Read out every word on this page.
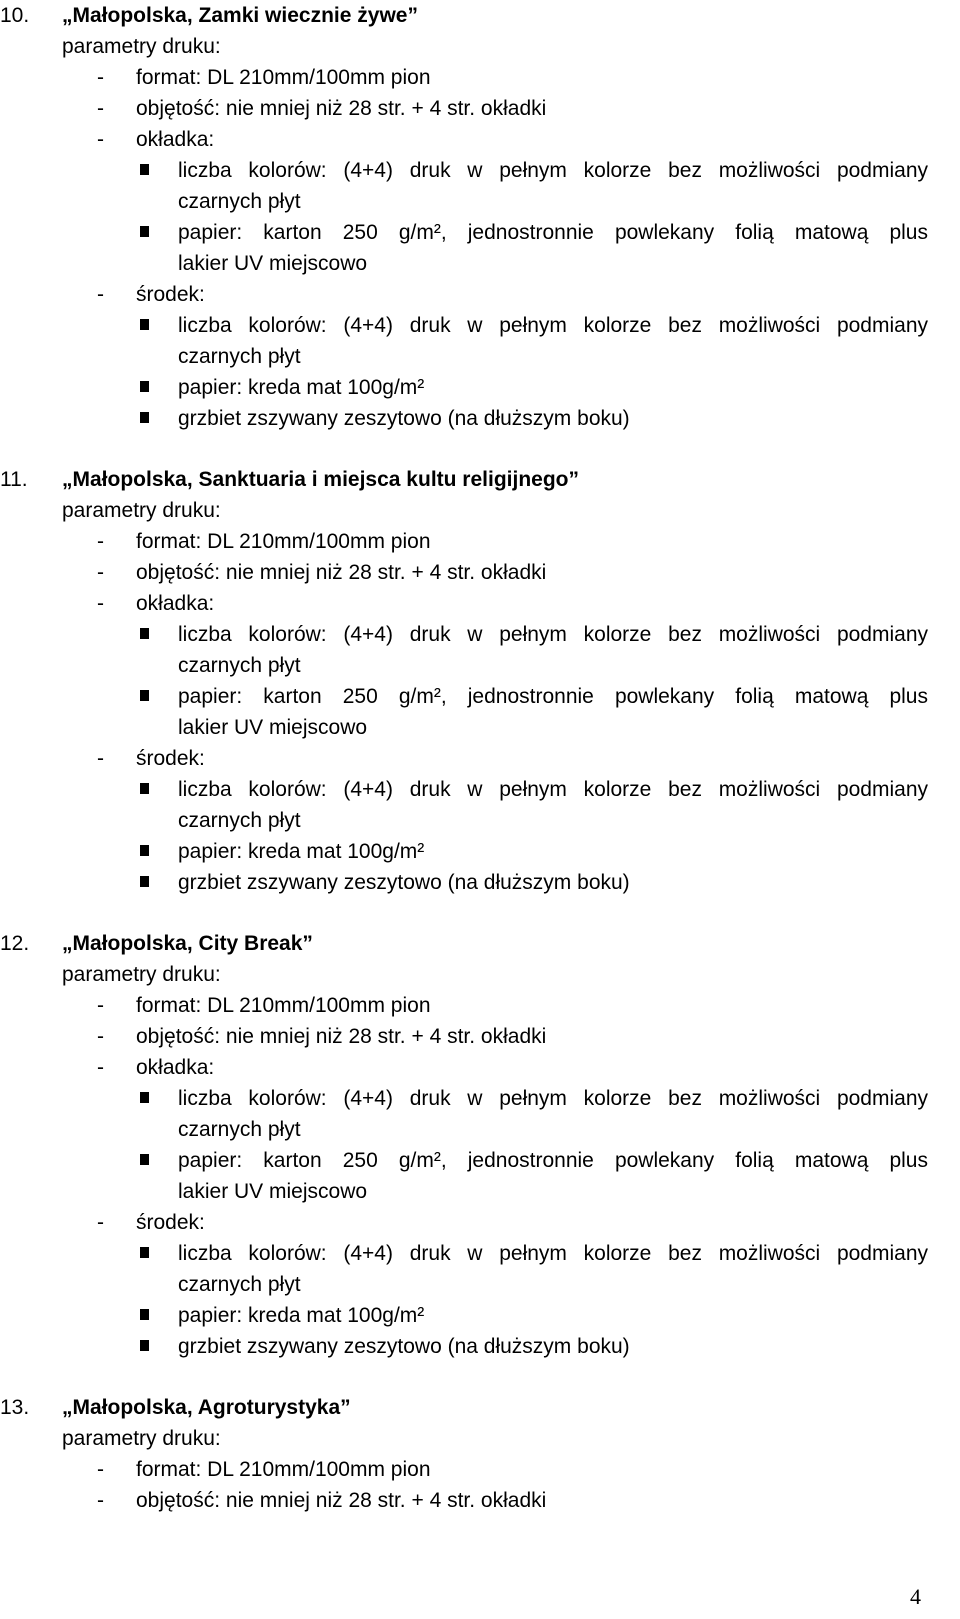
10. „Małopolska, Zamki wiecznie żywe”
parametry druku:
- format: DL 210mm/100mm pion
- objętość: nie mniej niż 28 str. + 4 str. okładki
- okładka:
liczba kolorów: (4+4) druk w pełnym kolorze bez możliwości podmiany
czarnych płyt
papier: karton 250 g/m², jednostronnie powlekany folią matową plus
lakier UV miejscowo
- środek:
liczba kolorów: (4+4) druk w pełnym kolorze bez możliwości podmiany
czarnych płyt
papier: kreda mat 100g/m²
grzbiet zszywany zeszytowo (na dłuższym boku)
11. „Małopolska, Sanktuaria i miejsca kultu religijnego”
parametry druku:
- format: DL 210mm/100mm pion
- objętość: nie mniej niż 28 str. + 4 str. okładki
- okładka:
liczba kolorów: (4+4) druk w pełnym kolorze bez możliwości podmiany
czarnych płyt
papier: karton 250 g/m², jednostronnie powlekany folią matową plus
lakier UV miejscowo
- środek:
liczba kolorów: (4+4) druk w pełnym kolorze bez możliwości podmiany
czarnych płyt
papier: kreda mat 100g/m²
grzbiet zszywany zeszytowo (na dłuższym boku)
12. „Małopolska, City Break”
parametry druku:
- format: DL 210mm/100mm pion
- objętość: nie mniej niż 28 str. + 4 str. okładki
- okładka:
liczba kolorów: (4+4) druk w pełnym kolorze bez możliwości podmiany
czarnych płyt
papier: karton 250 g/m², jednostronnie powlekany folią matową plus
lakier UV miejscowo
- środek:
liczba kolorów: (4+4) druk w pełnym kolorze bez możliwości podmiany
czarnych płyt
papier: kreda mat 100g/m²
grzbiet zszywany zeszytowo (na dłuższym boku)
13. „Małopolska, Agroturystyka”
parametry druku:
- format: DL 210mm/100mm pion
- objętość: nie mniej niż 28 str. + 4 str. okładki
4
